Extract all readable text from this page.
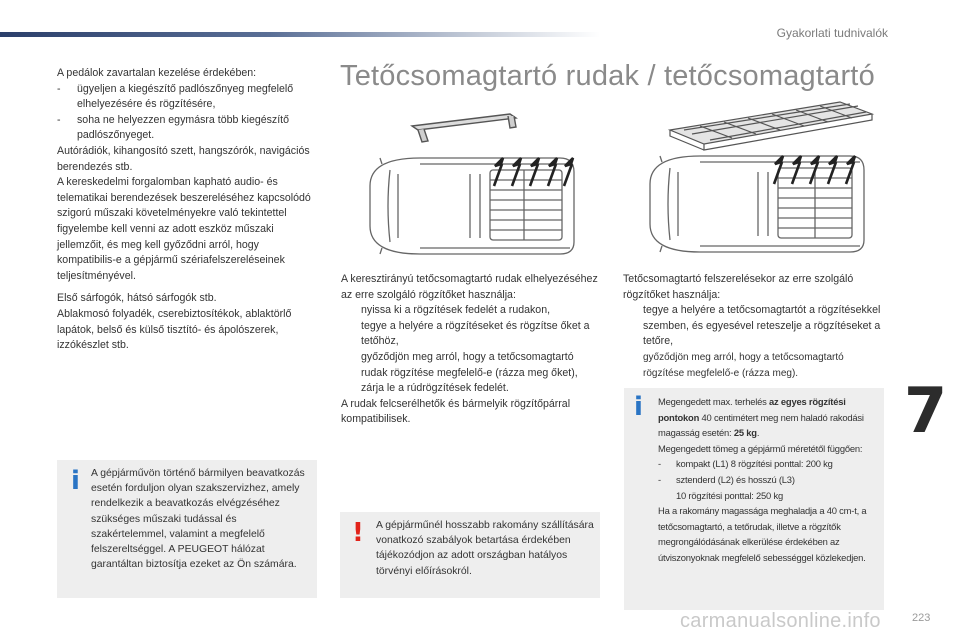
Gyakorlati tudnivalók

A pedálok zavartalan kezelése érdekében:

- ügyeljen a kiegészítő padlószőnyeg megfelelő elhelyezésére és rögzítésére,

- soha ne helyezzen egymásra több kiegészítő padlószőnyeget.

Autórádiók, kihangosító szett, hangszórók, navigációs berendezés stb.

A kereskedelmi forgalomban kapható audio- és telematikai berendezések beszereléséhez kapcsolódó szigorú műszaki követelményekre való tekintettel figyelembe kell venni az adott eszköz műszaki jellemzőit, és meg kell győződni arról, hogy kompatibilis-e a gépjármű szériafelszereléseinek teljesítményével.

Első sárfogók, hátsó sárfogók stb.

Ablakmosó folyadék, cserebiztosítékok, ablaktörlő lapátok, belső és külső tisztító- és ápolószerek, izzókészlet stb.

i A gépjárművön történő bármilyen beavatkozás esetén forduljon olyan szakszervizhez, amely rendelkezik a beavatkozás elvégzéséhez szükséges műszaki tudással és szakértelemmel, valamint a megfelelő felszereltséggel. A PEUGEOT hálózat garantáltan biztosítja ezeket az Ön számára.
Tetőcsomagtartó rudak / tetőcsomagtartó

A keresztirányú tetőcsomagtartó rudak elhelyezéséhez az erre szolgáló rögzítőket használja:

nyissa ki a rögzítések fedelét a rudakon,

tegye a helyére a rögzítéseket és rögzítse őket a tetőhöz,

győződjön meg arról, hogy a tetőcsomagtartó rudak rögzítése megfelelő-e (rázza meg őket),

zárja le a rúdrögzítések fedelét.

A rudak felcserélhetők és bármelyik rögzítőpárral kompatibilisek.

! A gépjárműnél hosszabb rakomány szállítására vonatkozó szabályok betartása érdekében tájékozódjon az adott országban hatályos törvényi előírásokról.

Tetőcsomagtartó felszerelésekor az erre szolgáló rögzítőket használja:

tegye a helyére a tetőcsomagtartót a rögzítésekkel szemben, és egyesével reteszelje a rögzítéseket a tetőre,

győződjön meg arról, hogy a tetőcsomagtartó rögzítése megfelelő-e (rázza meg).

i Megengedett max. terhelés az egyes rögzítési pontokon 40 centimétert meg nem haladó rakodási magasság esetén: 25 kg.

Megengedett tömeg a gépjármű méretétől függően:

- kompakt (L1) 8 rögzítési ponttal: 200 kg

- sztenderd (L2) és hosszú (L3)

10 rögzítési ponttal: 250 kg

Ha a rakomány magassága meghaladja a 40 cm-t, a tetőcsomagtartó, a tetőrudak, illetve a rögzítők megrongálódásának elkerülése érdekében az útviszonyoknak megfelelő sebességgel közlekedjen.

7
carmanualsonline.info	223
